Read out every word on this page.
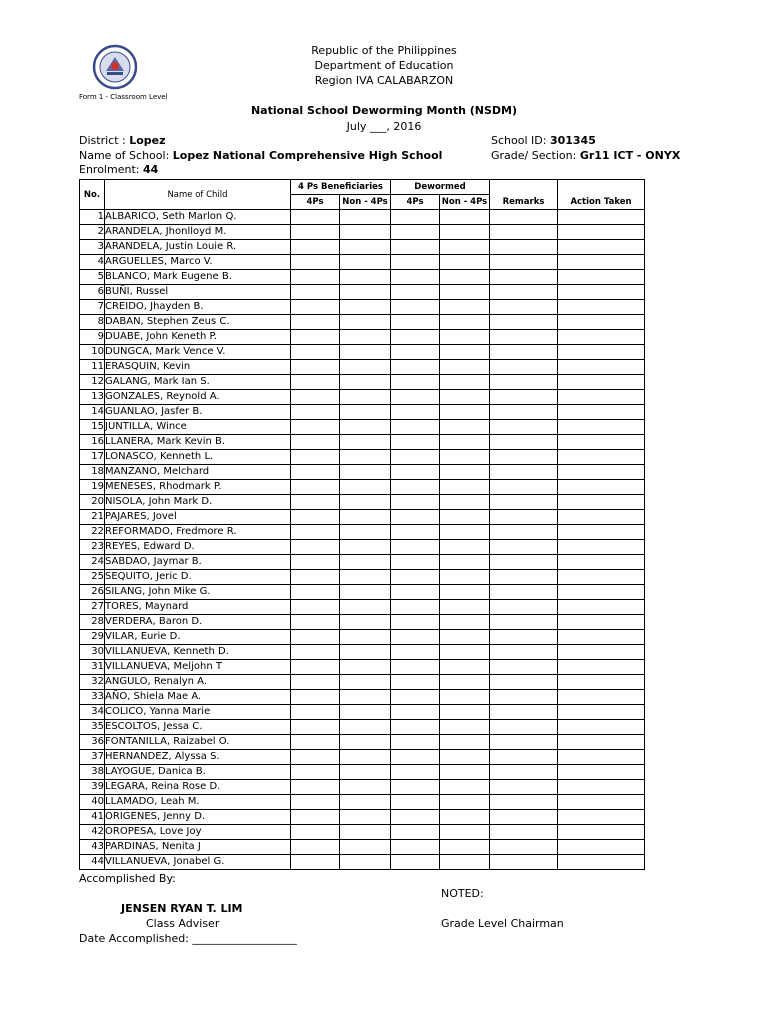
Republic of the Philippines
Department of Education
Region IVA CALABARZON
Form 1 - Classroom Level
National School Deworming Month (NSDM)
July ___, 2016
District : Lopez
Name of School: Lopez National Comprehensive High School
Enrolment: 44
School ID: 301345
Grade/ Section: Gr11 ICT - ONYX
No.	Name of Child	4 Ps Beneficiaries		Dewormed		Remarks	Action Taken
		4Ps	Non - 4Ps	4Ps	Non - 4Ps		
1	ALBARICO, Seth Marlon Q.						
2	ARANDELA, Jhonlloyd M.						
3	ARANDELA, Justin Louie R.						
4	ARGUELLES, Marco V.						
5	BLANCO, Mark Eugene B.						
6	BUÑI, Russel						
7	CREIDO, Jhayden B.						
8	DABAN, Stephen Zeus C.						
9	DUABE, John Keneth P.						
10	DUNGCA, Mark Vence V.						
11	ERASQUIN, Kevin						
12	GALANG, Mark Ian S.						
13	GONZALES, Reynold A.						
14	GUANLAO, Jasfer B.						
15	JUNTILLA, Wince						
16	LLANERA, Mark Kevin B.						
17	LONASCO, Kenneth L.						
18	MANZANO, Melchard						
19	MENESES, Rhodmark P.						
20	NISOLA, John Mark D.						
21	PAJARES, Jovel						
22	REFORMADO, Fredmore R.						
23	REYES, Edward D.						
24	SABDAO, Jaymar B.						
25	SEQUITO, Jeric D.						
26	SILANG, John Mike G.						
27	TORES, Maynard						
28	VERDERA, Baron D.						
29	VILAR, Eurie D.						
30	VILLANUEVA, Kenneth D.						
31	VILLANUEVA, Meljohn T						
32	ANGULO, Renalyn A.						
33	AÑO, Shiela Mae A.						
34	COLICO, Yanna Marie						
35	ESCOLTOS, Jessa C.						
36	FONTANILLA, Raizabel O.						
37	HERNANDEZ, Alyssa S.						
38	LAYOGUE, Danica B.						
39	LEGARA, Reina Rose D.						
40	LLAMADO, Leah M.						
41	ORIGENES, Jenny D.						
42	OROPESA, Love Joy						
43	PARDINAS, Nenita J						
44	VILLANUEVA, Jonabel G.						
Accomplished By:
NOTED:
JENSEN RYAN T. LIM
Class Adviser	Grade Level Chairman
Date Accomplished: ___________________
